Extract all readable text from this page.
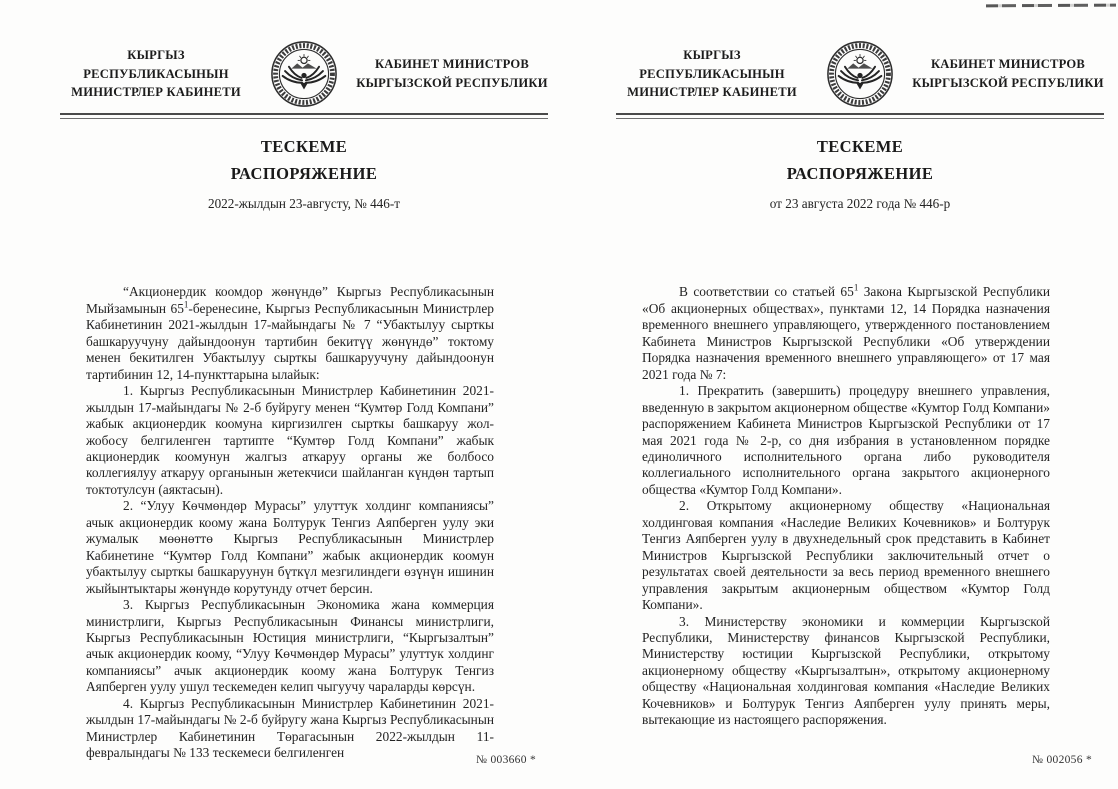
КЫРГЫЗ РЕСПУБЛИКАСЫНЫН
МИНИСТРЛЕР КАБИНЕТИ
КАБИНЕТ МИНИСТРОВ
КЫРГЫЗСКОЙ РЕСПУБЛИКИ
ТЕСКЕМЕ
РАСПОРЯЖЕНИЕ
2022-жылдын 23-августу, № 446-т

“Акционердик коомдор жөнүндө” Кыргыз Республикасынын Мыйзамынын $65^1$-беренесине, Кыргыз Республикасынын Министрлер Кабинетинин 2021-жылдын 17-майындагы № 7 “Убактылуу сырткы башкаруучуну дайындоонун тартибин бекитүү жөнүндө” токтому менен бекитилген Убактылуу сырткы башкаруучуну дайындоонун тартибинин 12, 14-пункттарына ылайык:

1. Кыргыз Республикасынын Министрлер Кабинетинин 2021-жылдын 17-майындагы № 2-б буйругу менен “Кумтөр Голд Компани” жабык акционердик коомуна киргизилген сырткы башкаруу жол-жобосу белгиленген тартипте “Кумтөр Голд Компани” жабык акционердик коомунун жалгыз аткаруу органы же болбосо коллегиялуу аткаруу органынын жетекчиси шайланган күндөн тартып токтотулсун (аяктасын).

2. “Улуу Көчмөндөр Мурасы” улуттук холдинг компаниясы” ачык акционердик коому жана Болтурук Тенгиз Аяпберген уулу эки жумалык мөөнөттө Кыргыз Республикасынын Министрлер Кабинетине “Кумтөр Голд Компани” жабык акционердик коомун убактылуу сырткы башкаруунун бүткүл мезгилиндеги өзүнүн ишинин жыйынтыктары жөнүндө корутунду отчет берсин.

3. Кыргыз Республикасынын Экономика жана коммерция министрлиги, Кыргыз Республикасынын Финансы министрлиги, Кыргыз Республикасынын Юстиция министрлиги, “Кыргызалтын” ачык акционердик коому, “Улуу Көчмөндөр Мурасы” улуттук холдинг компаниясы” ачык акционердик коому жана Болтурук Тенгиз Аяпберген уулу ушул тескемеден келип чыгуучу чараларды көрсүн.

4. Кыргыз Республикасынын Министрлер Кабинетинин 2021-жылдын 17-майындагы № 2-б буйругу жана Кыргыз Республикасынын Министрлер Кабинетинин Төрагасынын 2022-жылдын 11-февралындагы № 133 тескемеси белгиленген	№ 003660 *
КЫРГЫЗ РЕСПУБЛИКАСЫНЫН
МИНИСТРЛЕР КАБИНЕТИ
КАБИНЕТ МИНИСТРОВ
КЫРГЫЗСКОЙ РЕСПУБЛИКИ
ТЕСКЕМЕ
РАСПОРЯЖЕНИЕ
от 23 августа 2022 года № 446-р

В соответствии со статьей $65^1$ Закона Кыргызской Республики «Об акционерных обществах», пунктами 12, 14 Порядка назначения временного внешнего управляющего, утвержденного постановлением Кабинета Министров Кыргызской Республики «Об утверждении Порядка назначения временного внешнего управляющего» от 17 мая 2021 года № 7:

1. Прекратить (завершить) процедуру внешнего управления, введенную в закрытом акционерном обществе «Кумтор Голд Компани» распоряжением Кабинета Министров Кыргызской Республики от 17 мая 2021 года № 2-р, со дня избрания в установленном порядке единоличного исполнительного органа либо руководителя коллегиального исполнительного органа закрытого акционерного общества «Кумтор Голд Компани».

2. Открытому акционерному обществу «Национальная холдинговая компания «Наследие Великих Кочевников» и Болтурук Тенгиз Аяпберген уулу в двухнедельный срок представить в Кабинет Министров Кыргызской Республики заключительный отчет о результатах своей деятельности за весь период временного внешнего управления закрытым акционерным обществом «Кумтор Голд Компани».

3. Министерству экономики и коммерции Кыргызской Республики, Министерству финансов Кыргызской Республики, Министерству юстиции Кыргызской Республики, открытому акционерному обществу «Кыргызалтын», открытому акционерному обществу «Национальная холдинговая компания «Наследие Великих Кочевников» и Болтурук Тенгиз Аяпберген уулу принять меры, вытекающие из настоящего распоряжения.

№ 002056 *
